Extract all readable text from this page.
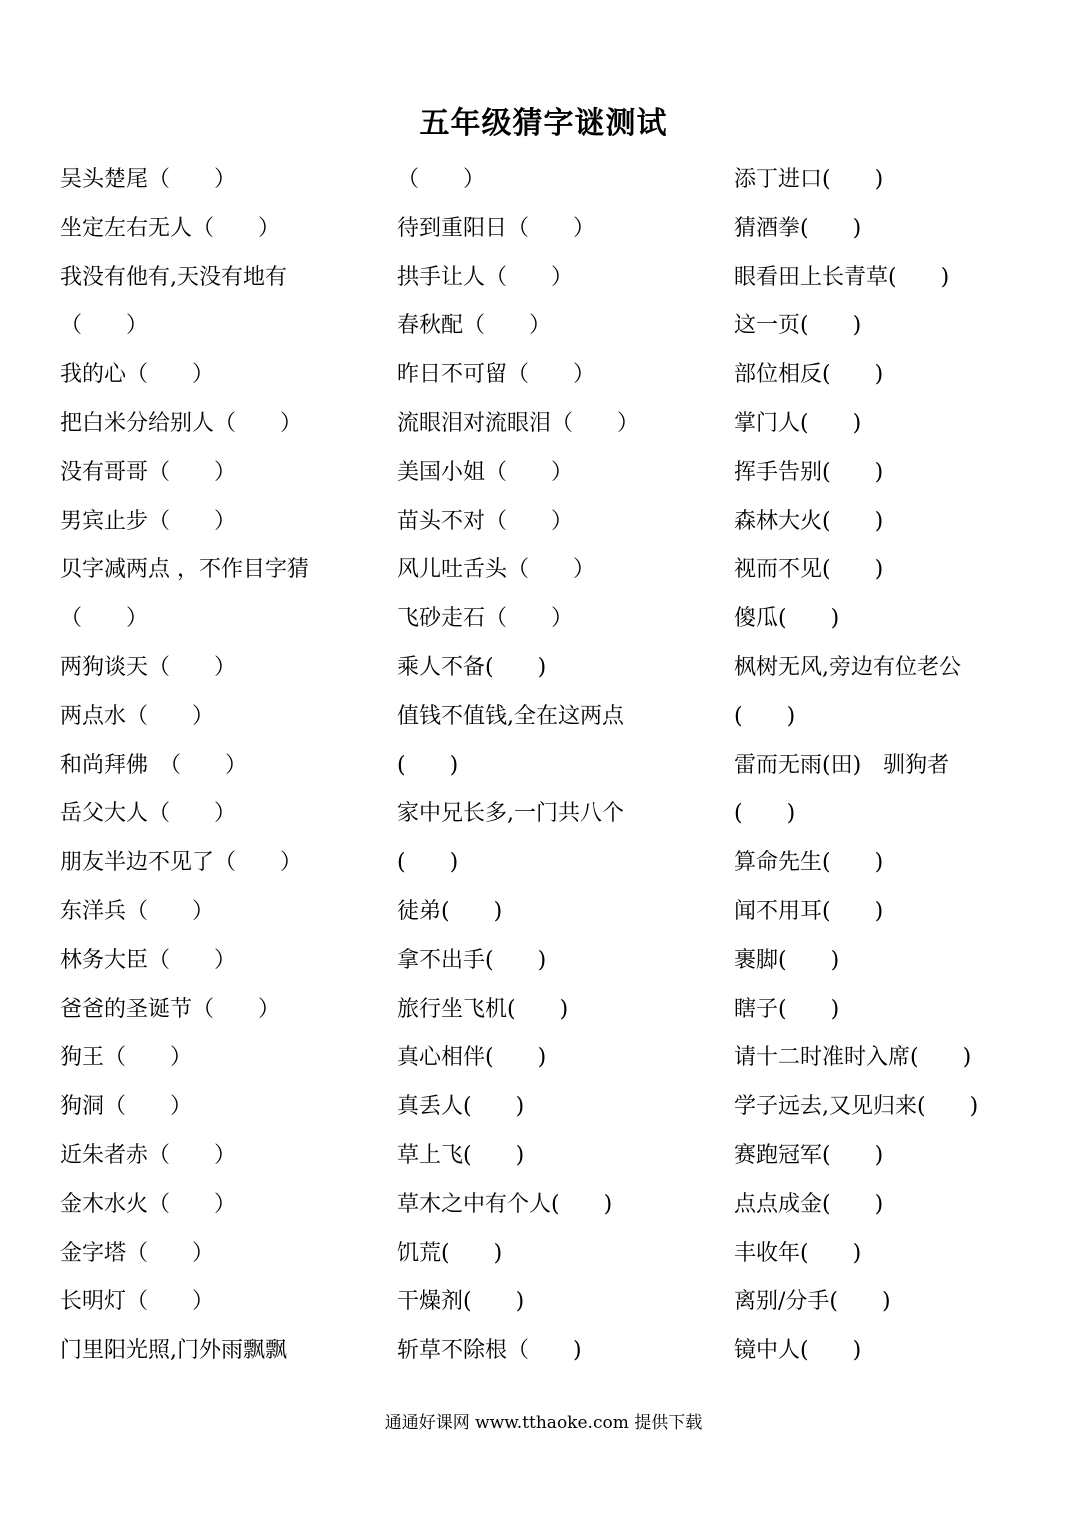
五年级猜字谜测试
吴头楚尾（　　）
坐定左右无人（　　）
我没有他有,天没有地有
（　　）
我的心（　　）
把白米分给别人（　　）
没有哥哥（　　）
男宾止步（　　）
贝字减两点 ，不作目字猜
（　　）
两狗谈天（　　）
两点水（　　）
和尚拜佛　（　　）
岳父大人（　　）
朋友半边不见了（　　）
东洋兵（　　）
林务大臣（　　）
爸爸的圣诞节（　　）
狗王（　　）
狗洞（　　）
近朱者赤（　　）
金木水火（　　）
金字塔（　　）
长明灯（　　）
门里阳光照,门外雨飘飘
（　　）
待到重阳日（　　）
拱手让人（　　）
春秋配（　　）
昨日不可留（　　）
流眼泪对流眼泪（　　）
美国小姐（　　）
苗头不对（　　）
风儿吐舌头（　　）
飞砂走石（　　）
乘人不备(　　)
值钱不值钱,全在这两点
(　　)
家中兄长多,一门共八个
(　　)
徒弟(　　)
拿不出手(　　)
旅行坐飞机(　　)
真心相伴(　　)
真丢人(　　)
草上飞(　　)
草木之中有个人(　　)
饥荒(　　)
干燥剂(　　)
斩草不除根（　　)
添丁进口(　　)
猜酒拳(　　)
眼看田上长青草(　　)
这一页(　　)
部位相反(　　)
掌门人(　　)
挥手告别(　　)
森林大火(　　)
视而不见(　　)
傻瓜(　　)
枫树无风,旁边有位老公
(　　)
雷而无雨(田)　驯狗者
(　　)
算命先生(　　)
闻不用耳(　　)
裹脚(　　)
瞎子(　　)
请十二时准时入席(　　)
学子远去,又见归来(　　)
赛跑冠军(　　)
点点成金(　　)
丰收年(　　)
离别/分手(　　)
镜中人(　　)
通通好课网 www.tthaoke.com 提供下载
